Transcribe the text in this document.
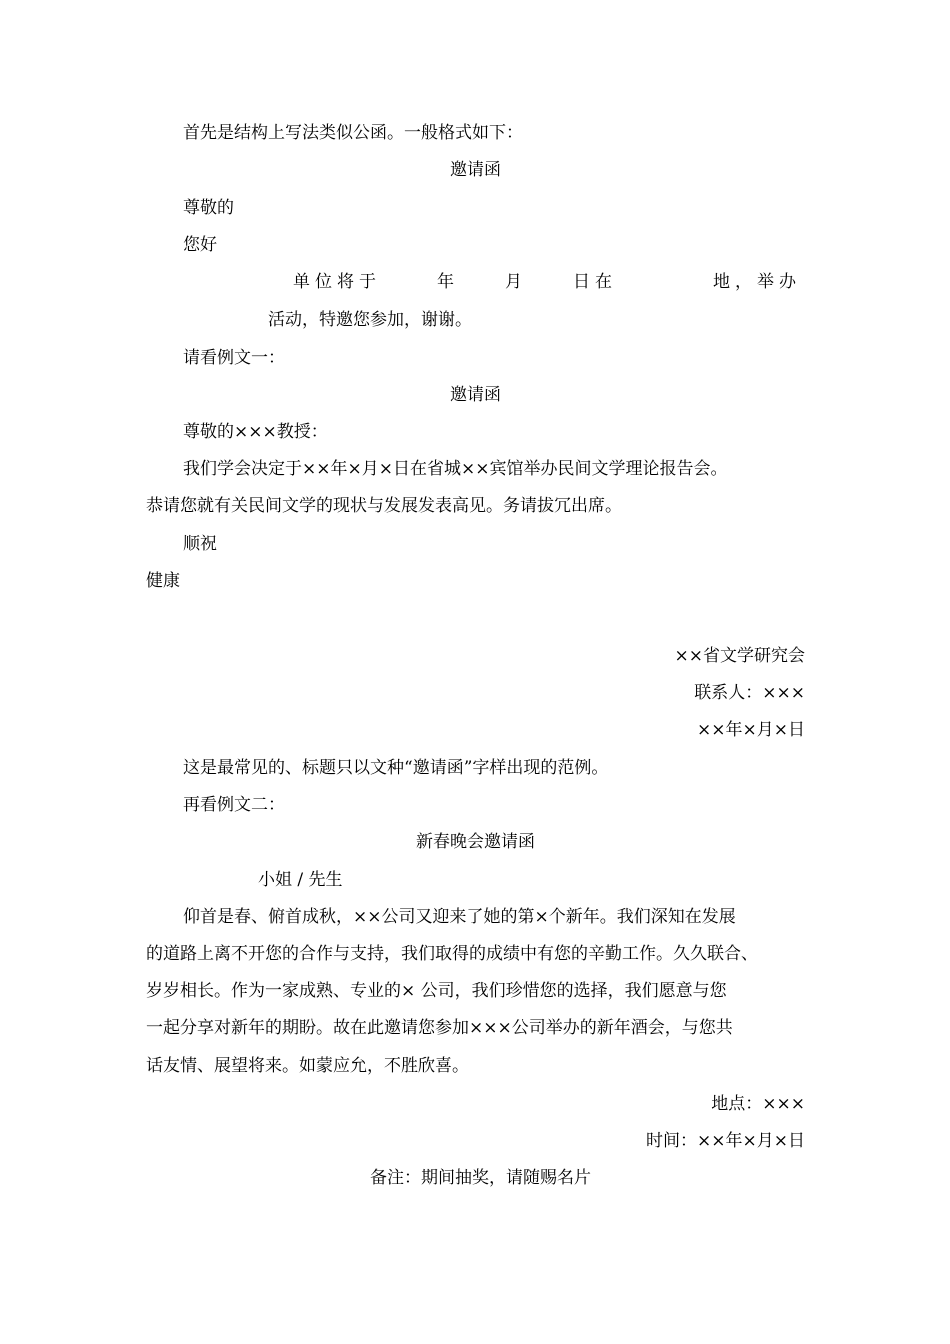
首先是结构上写法类似公函。一般格式如下：
邀请函
尊敬的
您好
单位将于	年	月	日在	地，举办
活动，特邀您参加，谢谢。
请看例文一：
邀请函
尊敬的×××教授：
我们学会决定于××年×月×日在省城××宾馆举办民间文学理论报告会。
恭请您就有关民间文学的现状与发展发表高见。务请拔冗出席。
顺祝
健康
××省文学研究会
联系人：×××
××年×月×日
这是最常见的、标题只以文种“邀请函”字样出现的范例。
再看例文二：
新春晚会邀请函
小姐 / 先生
仰首是春、俯首成秋，××公司又迎来了她的第×个新年。我们深知在发展
的道路上离不开您的合作与支持，我们取得的成绩中有您的辛勤工作。久久联合、
岁岁相长。作为一家成熟、专业的× 公司，我们珍惜您的选择，我们愿意与您
一起分享对新年的期盼。故在此邀请您参加×××公司举办的新年酒会，与您共
话友情、展望将来。如蒙应允，不胜欣喜。
地点：×××
时间：××年×月×日
备注：期间抽奖，请随赐名片
